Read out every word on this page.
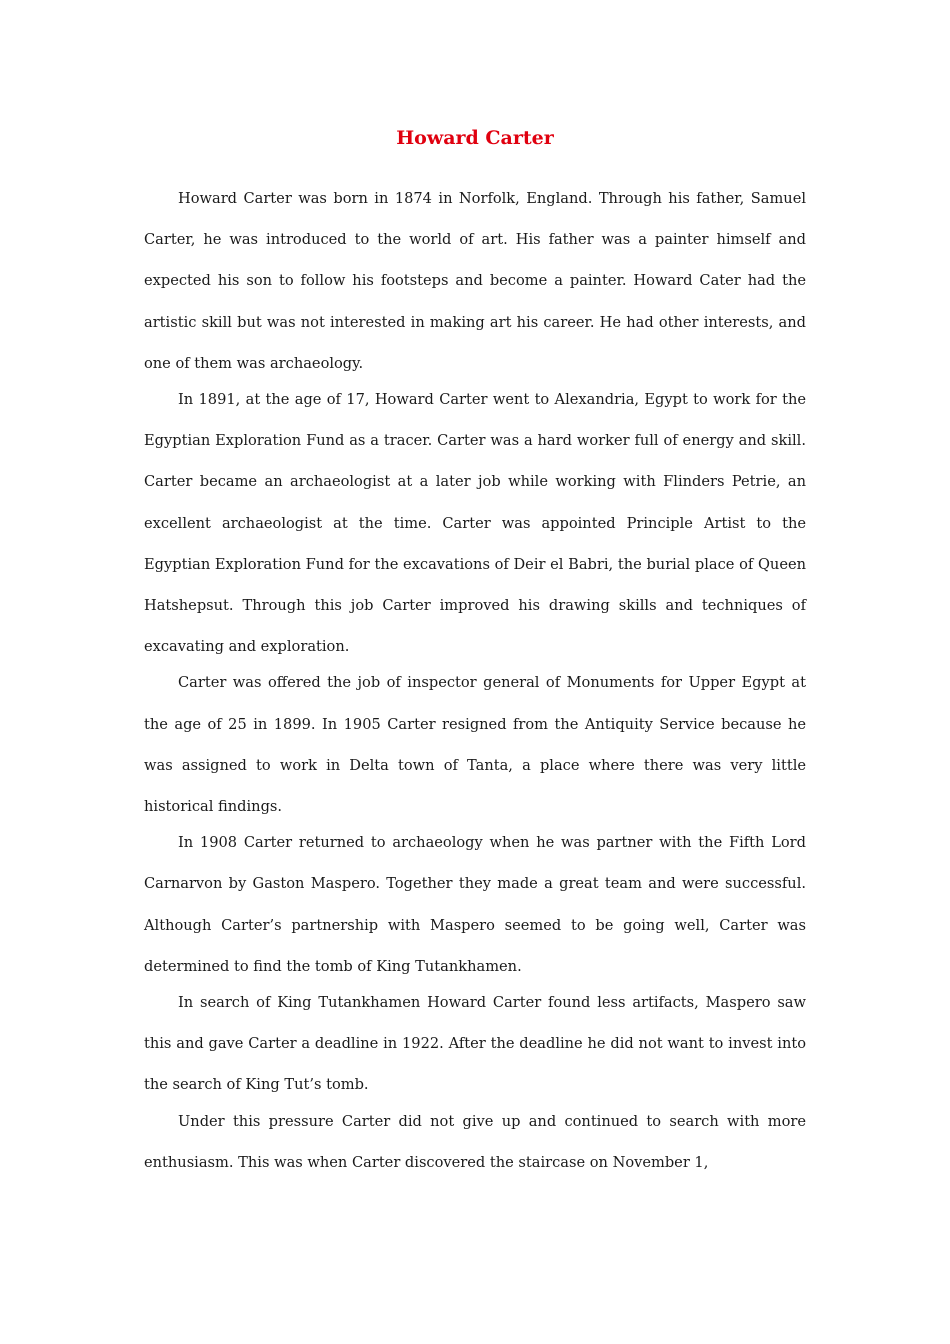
Howard Carter

Howard Carter was born in 1874 in Norfolk, England. Through his father, Samuel Carter, he was introduced to the world of art. His father was a painter himself and expected his son to follow his footsteps and become a painter. Howard Cater had the artistic skill but was not interested in making art his career. He had other interests, and one of them was archaeology.

In 1891, at the age of 17, Howard Carter went to Alexandria, Egypt to work for the Egyptian Exploration Fund as a tracer. Carter was a hard worker full of energy and skill. Carter became an archaeologist at a later job while working with Flinders Petrie, an excellent archaeologist at the time. Carter was appointed Principle Artist to the Egyptian Exploration Fund for the excavations of Deir el Babri, the burial place of Queen Hatshepsut. Through this job Carter improved his drawing skills and techniques of excavating and exploration.

Carter was offered the job of inspector general of Monuments for Upper Egypt at the age of 25 in 1899. In 1905 Carter resigned from the Antiquity Service because he was assigned to work in Delta town of Tanta, a place where there was very little historical findings.

In 1908 Carter returned to archaeology when he was partner with the Fifth Lord Carnarvon by Gaston Maspero. Together they made a great team and were successful. Although Carter’s partnership with Maspero seemed to be going well, Carter was determined to find the tomb of King Tutankhamen.

In search of King Tutankhamen Howard Carter found less artifacts, Maspero saw this and gave Carter a deadline in 1922. After the deadline he did not want to invest into the search of King Tut’s tomb.

Under this pressure Carter did not give up and continued to search with more enthusiasm. This was when Carter discovered the staircase on November 1,
